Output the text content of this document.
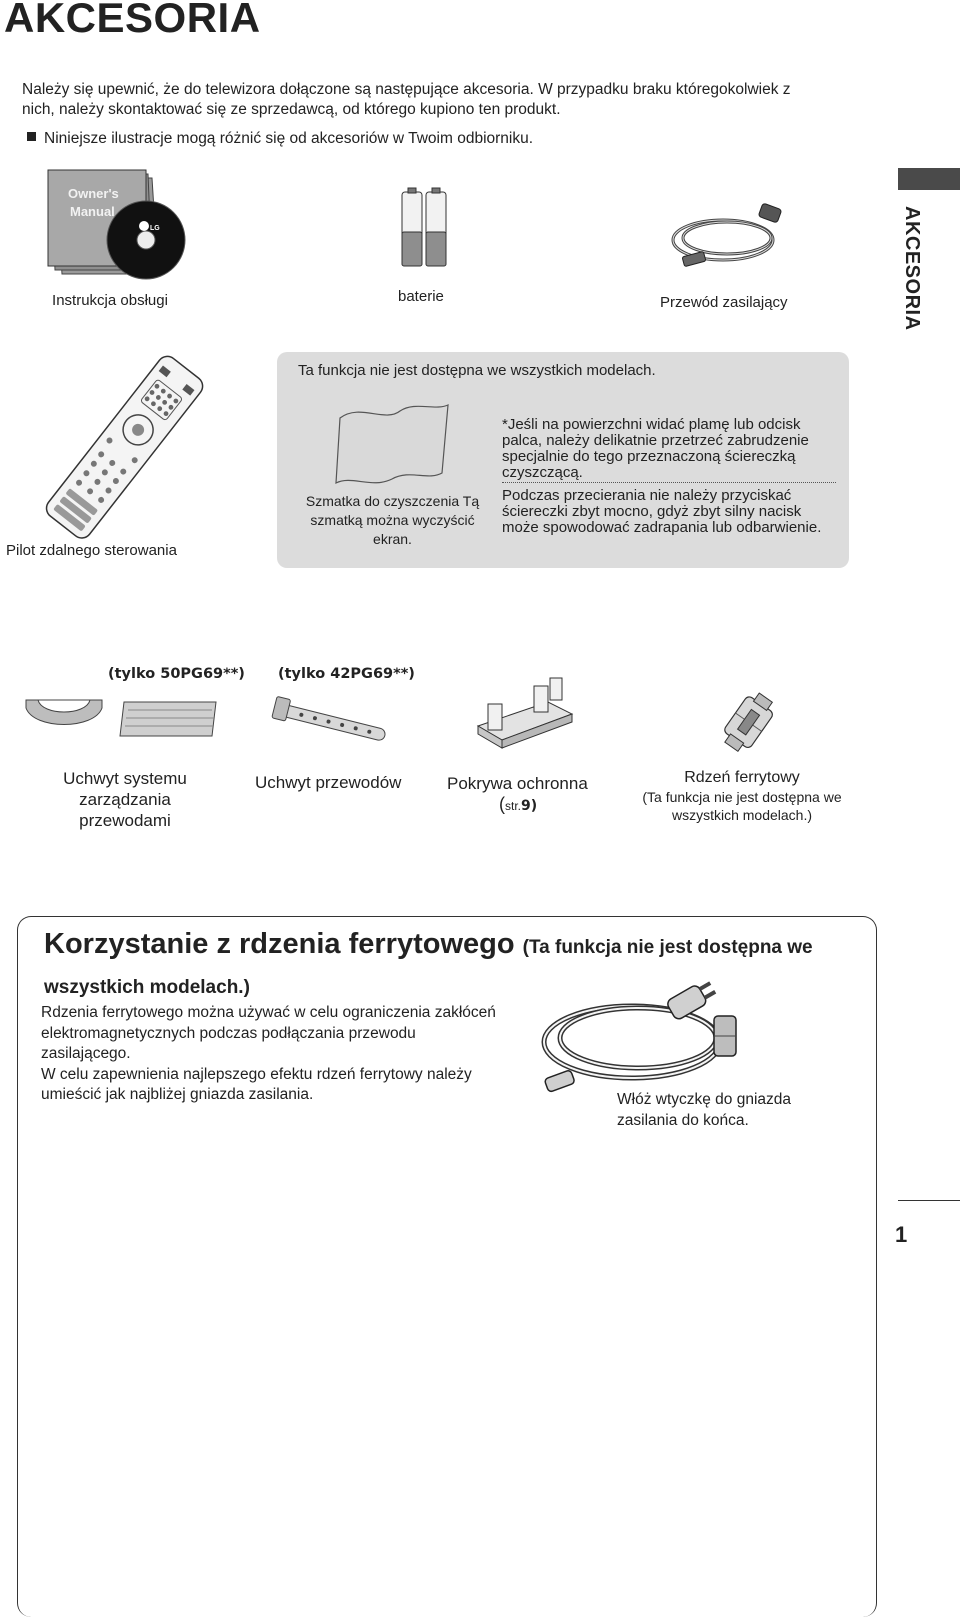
AKCESORIA
Należy się upewnić, że do telewizora dołączone są następujące akcesoria. W przypadku braku któregokolwiek z nich, należy skontaktować się ze sprzedawcą, od którego kupiono ten produkt.
Niniejsze ilustracje mogą różnić się od akcesoriów w Twoim odbiorniku.
AKCESORIA
Owner's
Manual
LG
Instrukcja obsługi	baterie	Przewód zasilający
Pilot zdalnego sterowania
Ta funkcja nie jest dostępna we wszystkich modelach.
Szmatka do czyszczenia Tą szmatką można wyczyścić ekran.
*Jeśli na powierzchni widać plamę lub odcisk palca, należy delikatnie przetrzeć zabrudzenie specjalnie do tego przeznaczoną ściereczką czyszczącą.
Podczas przecierania nie należy przyciskać ściereczki zbyt mocno, gdyż zbyt silny nacisk może spowodować zadrapania lub odbarwienie.
(tylko 50PG69**) (tylko 42PG69**)
Uchwyt systemu
zarządzania przewodami
Uchwyt przewodów	Pokrywa ochronna
(str.9)
Rdzeń ferrytowy
(Ta funkcja nie jest dostępna we wszystkich modelach.)
Korzystanie z rdzenia ferrytowego (Ta funkcja nie jest dostępna we wszystkich modelach.)
Rdzenia ferrytowego można używać w celu ograniczenia zakłóceń elektromagnetycznych podczas podłączania przewodu zasilającego.
W celu zapewnienia najlepszego efektu rdzeń ferrytowy należy umieścić jak najbliżej gniazda zasilania.	Włóż wtyczkę do gniazda zasilania do końca.
1
